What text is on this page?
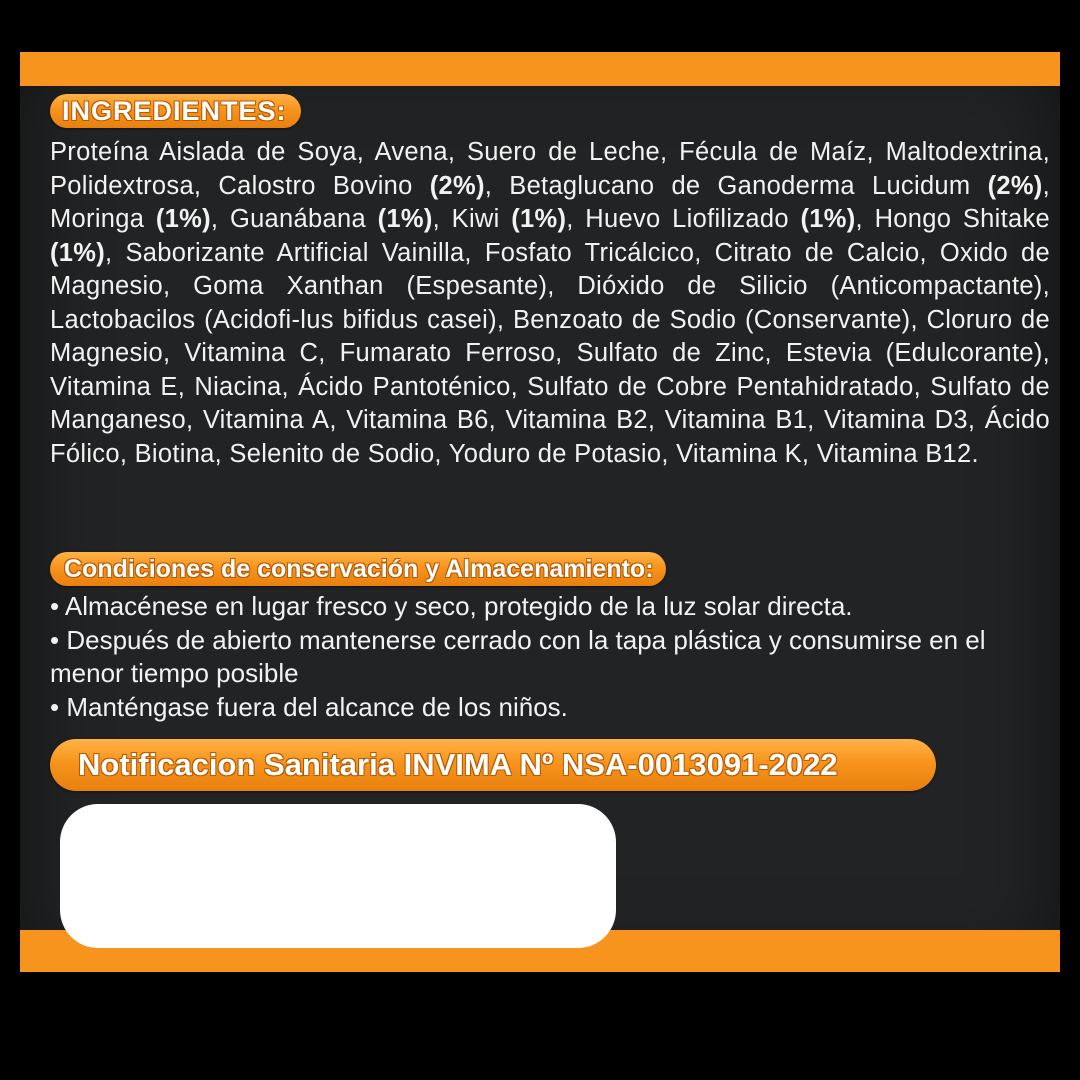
INGREDIENTES:
Proteína Aislada de Soya, Avena, Suero de Leche, Fécula de Maíz, Maltodextrina, Polidextrosa, Calostro Bovino (2%), Betaglucano de Ganoderma Lucidum (2%), Moringa (1%), Guanábana (1%), Kiwi (1%), Huevo Liofilizado (1%), Hongo Shitake (1%), Saborizante Artificial Vainilla, Fosfato Tricálcico, Citrato de Calcio, Oxido de Magnesio, Goma Xanthan (Espesante), Dióxido de Silicio (Anticompactante), Lactobacilos (Acidofi-lus bifidus casei), Benzoato de Sodio (Conservante), Cloruro de Magnesio, Vitamina C, Fumarato Ferroso, Sulfato de Zinc, Estevia (Edulcorante), Vitamina E, Niacina, Ácido Pantoténico, Sulfato de Cobre Pentahidratado, Sulfato de Manganeso, Vitamina A, Vitamina B6, Vitamina B2, Vitamina B1, Vitamina D3, Ácido Fólico, Biotina, Selenito de Sodio, Yoduro de Potasio, Vitamina K, Vitamina B12.
Condiciones de conservación y Almacenamiento:
• Almacénese en lugar fresco y seco, protegido de la luz solar directa.
• Después de abierto mantenerse cerrado con la tapa plástica y consumirse en el menor tiempo posible
• Manténgase fuera del alcance de los niños.
Notificacion Sanitaria INVIMA Nº NSA-0013091-2022
